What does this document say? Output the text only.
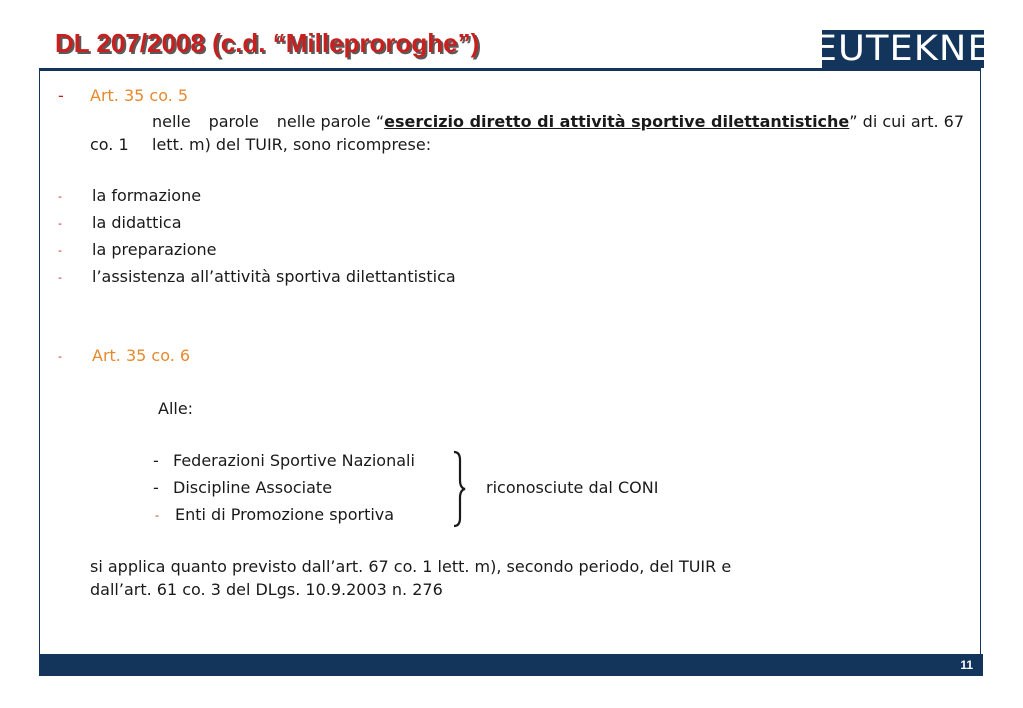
DL 207/2008 (c.d. “Milleproroghe”)	EUTEKNE
- Art. 35 co. 5
nelle parole nelle parole “esercizio diretto di attività sportive dilettantistiche” di cui art. 67
co. 1 lett. m) del TUIR, sono ricomprese:
- la formazione
- la didattica
- la preparazione
- l’assistenza all’attività sportiva dilettantistica
- Art. 35 co. 6
Alle:
- Federazioni Sportive Nazionali
- Discipline Associate
- Enti di Promozione sportiva
riconosciute dal CONI
si applica quanto previsto dall’art. 67 co. 1 lett. m), secondo periodo, del TUIR e
dall’art. 61 co. 3 del DLgs. 10.9.2003 n. 276
11
